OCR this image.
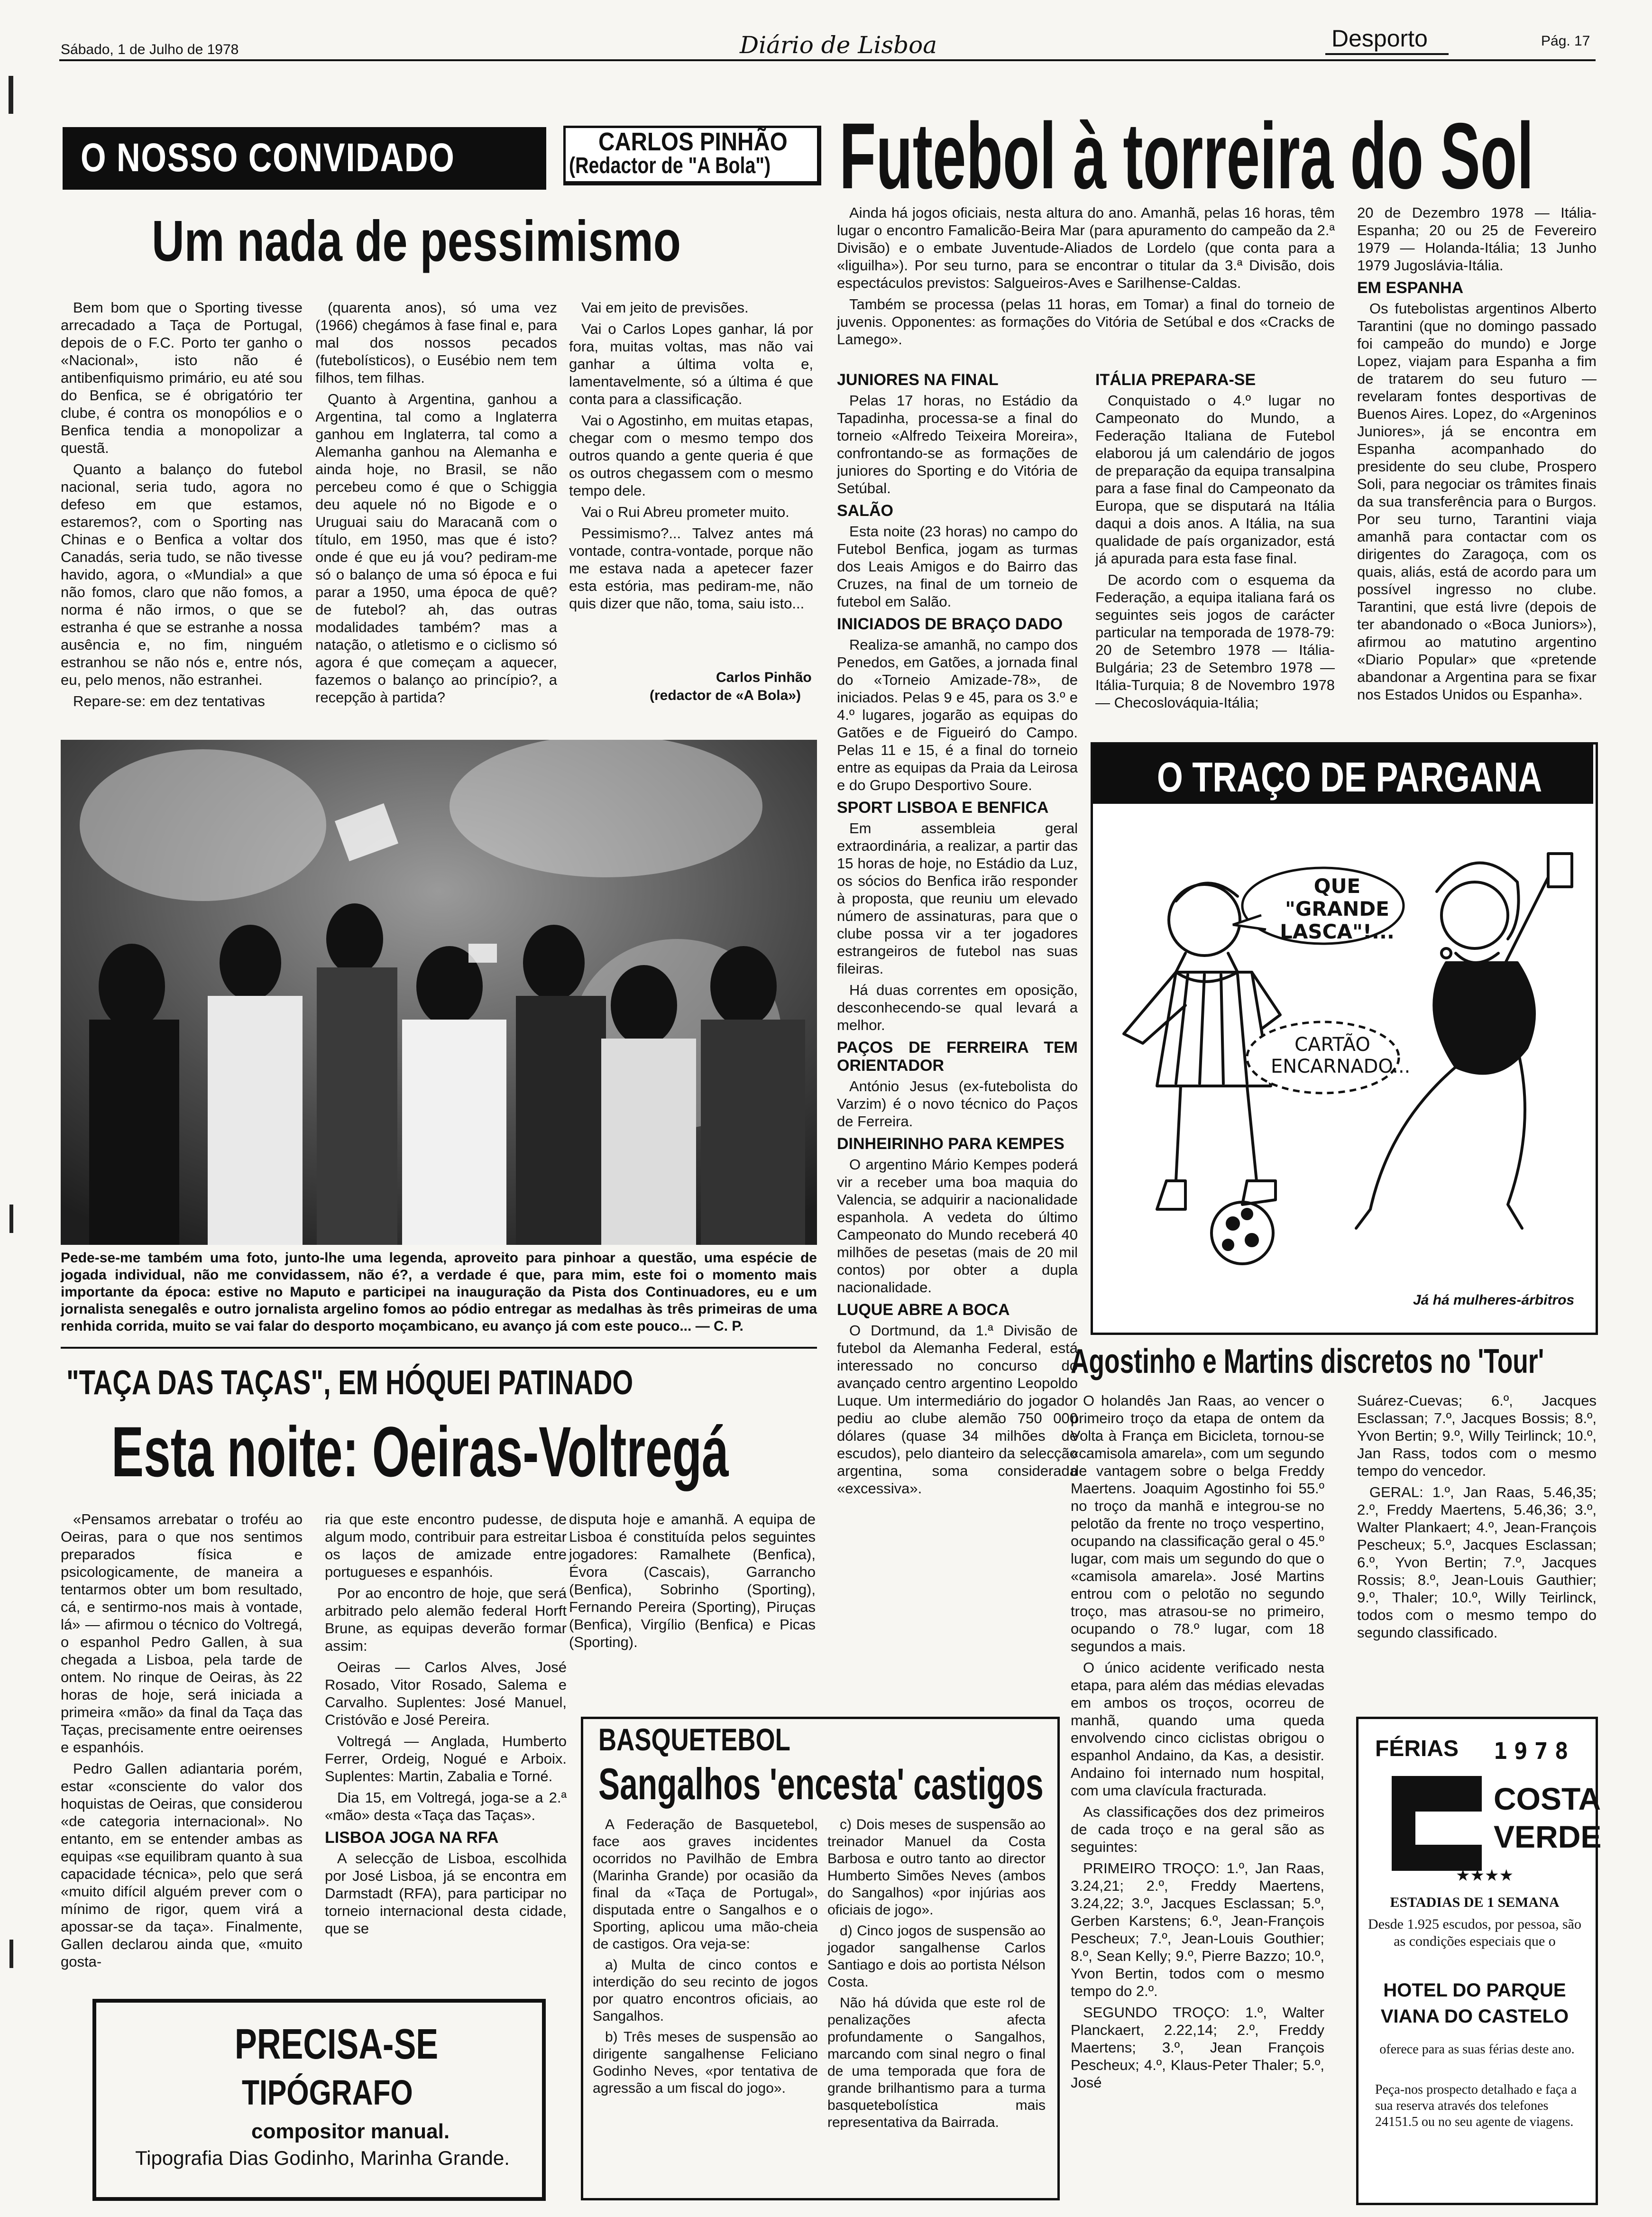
Sábado, 1 de Julho de 1978	Diário de Lisboa	Desporto	Pág. 17
O NOSSO CONVIDADO	CARLOS PINHÃO
(Redactor de "A Bola")
Um nada de pessimismo

Bem bom que o Sporting tivesse arrecadado a Taça de Portugal, depois de o F.C. Porto ter ganho o «Nacional», isto não é antibenfiquismo primário, eu até sou do Benfica, se é obrigatório ter clube, é contra os monopólios e o Benfica tendia a monopolizar a questã.

Quanto a balanço do futebol nacional, seria tudo, agora no defeso em que estamos, estaremos?, com o Sporting nas Chinas e o Benfica a voltar dos Canadás, seria tudo, se não tivesse havido, agora, o «Mundial» a que não fomos, claro que não fomos, a norma é não irmos, o que se estranha é que se estranhe a nossa ausência e, no fim, ninguém estranhou se não nós e, entre nós, eu, pelo menos, não estranhei.

Repare-se: em dez tentativas

(quarenta anos), só uma vez (1966) chegámos à fase final e, para mal dos nossos pecados (futebolísticos), o Eusébio nem tem filhos, tem filhas.

Quanto à Argentina, ganhou a Argentina, tal como a Inglaterra ganhou em Inglaterra, tal como a Alemanha ganhou na Alemanha e ainda hoje, no Brasil, se não percebeu como é que o Schiggia deu aquele nó no Bigode e o Uruguai saiu do Maracanã com o título, em 1950, mas que é isto? onde é que eu já vou? pediram-me só o balanço de uma só época e fui parar a 1950, uma época de quê? de futebol? ah, das outras modalidades também? mas a natação, o atletismo e o ciclismo só agora é que começam a aquecer, fazemos o balanço ao princípio?, a recepção à partida?

Vai em jeito de previsões.

Vai o Carlos Lopes ganhar, lá por fora, muitas voltas, mas não vai ganhar a última volta e, lamentavelmente, só a última é que conta para a classificação.

Vai o Agostinho, em muitas etapas, chegar com o mesmo tempo dos outros quando a gente queria é que os outros chegassem com o mesmo tempo dele.

Vai o Rui Abreu prometer muito.

Pessimismo?... Talvez antes má vontade, contra-vontade, porque não me estava nada a apetecer fazer esta estória, mas pediram-me, não quis dizer que não, toma, saiu isto...

Carlos Pinhão
(redactor de «A Bola»)
Pede-se-me também uma foto, junto-lhe uma legenda, aproveito para pinhoar a questão, uma espécie de jogada individual, não me convidassem, não é?, a verdade é que, para mim, este foi o momento mais importante da época: estive no Maputo e participei na inauguração da Pista dos Continuadores, eu e um jornalista senegalês e outro jornalista argelino fomos ao pódio entregar as medalhas às três primeiras de uma renhida corrida, muito se vai falar do desporto moçambicano, eu avanço já com este pouco... — C. P.
Futebol à torreira do Sol

Ainda há jogos oficiais, nesta altura do ano. Amanhã, pelas 16 horas, têm lugar o encontro Famalicão-Beira Mar (para apuramento do campeão da 2.ª Divisão) e o embate Juventude-Aliados de Lordelo (que conta para a «liguilha»). Por seu turno, para se encontrar o titular da 3.ª Divisão, dois espectáculos previstos: Salgueiros-Aves e Sarilhense-Caldas.

Também se processa (pelas 11 horas, em Tomar) a final do torneio de juvenis. Opponentes: as formações do Vitória de Setúbal e dos «Cracks de Lamego».

20 de Dezembro 1978 — Itália-Espanha; 20 ou 25 de Fevereiro 1979 — Holanda-Itália; 13 Junho 1979 Jugoslávia-Itália.

EM ESPANHA

Os futebolistas argentinos Alberto Tarantini (que no domingo passado foi campeão do mundo) e Jorge Lopez, viajam para Espanha a fim de tratarem do seu futuro — revelaram fontes desportivas de Buenos Aires. Lopez, do «Argeninos Juniores», já se encontra em Espanha acompanhado do presidente do seu clube, Prospero Soli, para negociar os trâmites finais da sua transferência para o Burgos. Por seu turno, Tarantini viaja amanhã para contactar com os dirigentes do Zaragoça, com os quais, aliás, está de acordo para um possível ingresso no clube. Tarantini, que está livre (depois de ter abandonado o «Boca Juniors»), afirmou ao matutino argentino «Diario Popular» que «pretende abandonar a Argentina para se fixar nos Estados Unidos ou Espanha».

JUNIORES NA FINAL

Pelas 17 horas, no Estádio da Tapadinha, processa-se a final do torneio «Alfredo Teixeira Moreira», confrontando-se as formações de juniores do Sporting e do Vitória de Setúbal.

SALÃO

Esta noite (23 horas) no campo do Futebol Benfica, jogam as turmas dos Leais Amigos e do Bairro das Cruzes, na final de um torneio de futebol em Salão.

INICIADOS DE BRAÇO DADO

Realiza-se amanhã, no campo dos Penedos, em Gatões, a jornada final do «Torneio Amizade-78», de iniciados. Pelas 9 e 45, para os 3.º e 4.º lugares, jogarão as equipas do Gatões e de Figueiró do Campo. Pelas 11 e 15, é a final do torneio entre as equipas da Praia da Leirosa e do Grupo Desportivo Soure.

SPORT LISBOA E BENFICA

Em assembleia geral extraordinária, a realizar, a partir das 15 horas de hoje, no Estádio da Luz, os sócios do Benfica irão responder à proposta, que reuniu um elevado número de assinaturas, para que o clube possa vir a ter jogadores estrangeiros de futebol nas suas fileiras.

Há duas correntes em oposição, desconhecendo-se qual levará a melhor.

PAÇOS DE FERREIRA TEM ORIENTADOR

António Jesus (ex-futebolista do Varzim) é o novo técnico do Paços de Ferreira.

DINHEIRINHO PARA KEMPES

O argentino Mário Kempes poderá vir a receber uma boa maquia do Valencia, se adquirir a nacionalidade espanhola. A vedeta do último Campeonato do Mundo receberá 40 milhões de pesetas (mais de 20 mil contos) por obter a dupla nacionalidade.

LUQUE ABRE A BOCA

O Dortmund, da 1.ª Divisão de futebol da Alemanha Federal, está interessado no concurso do avançado centro argentino Leopoldo Luque. Um intermediário do jogador pediu ao clube alemão 750 000 dólares (quase 34 milhões de escudos), pelo dianteiro da selecção argentina, soma considerada «excessiva».

ITÁLIA PREPARA-SE

Conquistado o 4.º lugar no Campeonato do Mundo, a Federação Italiana de Futebol elaborou já um calendário de jogos de preparação da equipa transalpina para a fase final do Campeonato da Europa, que se disputará na Itália daqui a dois anos. A Itália, na sua qualidade de país organizador, está já apurada para esta fase final.

De acordo com o esquema da Federação, a equipa italiana fará os seguintes seis jogos de carácter particular na temporada de 1978-79: 20 de Setembro 1978 — Itália-Bulgária; 23 de Setembro 1978 — Itália-Turquia; 8 de Novembro 1978 — Checoslováquia-Itália;

O TRAÇO DE PARGANA
QUE "GRANDE LASCA"!...
CARTÃO ENCARNADO...
Já há mulheres-árbitros
Agostinho e Martins discretos no 'Tour'

O holandês Jan Raas, ao vencer o primeiro troço da etapa de ontem da Volta à França em Bicicleta, tornou-se «camisola amarela», com um segundo de vantagem sobre o belga Freddy Maertens. Joaquim Agostinho foi 55.º no troço da manhã e integrou-se no pelotão da frente no troço vespertino, ocupando na classificação geral o 45.º lugar, com mais um segundo do que o «camisola amarela». José Martins entrou com o pelotão no segundo troço, mas atrasou-se no primeiro, ocupando o 78.º lugar, com 18 segundos a mais.

O único acidente verificado nesta etapa, para além das médias elevadas em ambos os troços, ocorreu de manhã, quando uma queda envolvendo cinco ciclistas obrigou o espanhol Andaino, da Kas, a desistir. Andaino foi internado num hospital, com uma clavícula fracturada.

As classificações dos dez primeiros de cada troço e na geral são as seguintes:

PRIMEIRO TROÇO: 1.º, Jan Raas, 3.24,21; 2.º, Freddy Maertens, 3.24,22; 3.º, Jacques Esclassan; 5.º, Gerben Karstens; 6.º, Jean-François Pescheux; 7.º, Jean-Louis Gouthier; 8.º, Sean Kelly; 9.º, Pierre Bazzo; 10.º, Yvon Bertin, todos com o mesmo tempo do 2.º.

SEGUNDO TROÇO: 1.º, Walter Planckaert, 2.22,14; 2.º, Freddy Maertens; 3.º, Jean François Pescheux; 4.º, Klaus-Peter Thaler; 5.º, José

Suárez-Cuevas; 6.º, Jacques Esclassan; 7.º, Jacques Bossis; 8.º, Yvon Bertin; 9.º, Willy Teirlinck; 10.º, Jan Rass, todos com o mesmo tempo do vencedor.

GERAL: 1.º, Jan Raas, 5.46,35; 2.º, Freddy Maertens, 5.46,36; 3.º, Walter Plankaert; 4.º, Jean-François Pescheux; 5.º, Jacques Esclassan; 6.º, Yvon Bertin; 7.º, Jacques Rossis; 8.º, Jean-Louis Gauthier; 9.º, Thaler; 10.º, Willy Teirlinck, todos com o mesmo tempo do segundo classificado.

FÉRIAS 1978
COSTA
VERDE
★★★★
ESTADIAS DE 1 SEMANA
Desde 1.925 escudos, por pessoa, são as condições especiais que o
HOTEL DO PARQUE
VIANA DO CASTELO
oferece para as suas férias deste ano.
Peça-nos prospecto detalhado e faça a sua reserva através dos telefones 24151.5 ou no seu agente de viagens.
"TAÇA DAS TAÇAS", EM HÓQUEI PATINADO
Esta noite: Oeiras-Voltregá

«Pensamos arrebatar o troféu ao Oeiras, para o que nos sentimos preparados física e psicologicamente, de maneira a tentarmos obter um bom resultado, cá, e sentirmo-nos mais à vontade, lá» — afirmou o técnico do Voltregá, o espanhol Pedro Gallen, à sua chegada a Lisboa, pela tarde de ontem. No rinque de Oeiras, às 22 horas de hoje, será iniciada a primeira «mão» da final da Taça das Taças, precisamente entre oeirenses e espanhóis.

Pedro Gallen adiantaria porém, estar «consciente do valor dos hoquistas de Oeiras, que considerou «de categoria internacional». No entanto, em se entender ambas as equipas «se equilibram quanto à sua capacidade técnica», pelo que será «muito difícil alguém prever com o mínimo de rigor, quem virá a apossar-se da taça». Finalmente, Gallen declarou ainda que, «muito gosta-

ria que este encontro pudesse, de algum modo, contribuir para estreitar os laços de amizade entre portugueses e espanhóis.

Por ao encontro de hoje, que será arbitrado pelo alemão federal Horft Brune, as equipas deverão formar assim:

Oeiras — Carlos Alves, José Rosado, Vitor Rosado, Salema e Carvalho. Suplentes: José Manuel, Cristóvão e José Pereira.

Voltregá — Anglada, Humberto Ferrer, Ordeig, Nogué e Arboix. Suplentes: Martin, Zabalia e Torné.

Dia 15, em Voltregá, joga-se a 2.ª «mão» desta «Taça das Taças».

LISBOA JOGA NA RFA

A selecção de Lisboa, escolhida por José Lisboa, já se encontra em Darmstadt (RFA), para participar no torneio internacional desta cidade, que se

disputa hoje e amanhã. A equipa de Lisboa é constituída pelos seguintes jogadores: Ramalhete (Benfica), Évora (Cascais), Garrancho (Benfica), Sobrinho (Sporting), Fernando Pereira (Sporting), Piruças (Benfica), Virgílio (Benfica) e Picas (Sporting).

BASQUETEBOL
Sangalhos 'encesta' castigos

A Federação de Basquetebol, face aos graves incidentes ocorridos no Pavilhão de Embra (Marinha Grande) por ocasião da final da «Taça de Portugal», disputada entre o Sangalhos e o Sporting, aplicou uma mão-cheia de castigos. Ora veja-se:

a) Multa de cinco contos e interdição do seu recinto de jogos por quatro encontros oficiais, ao Sangalhos.

b) Três meses de suspensão ao dirigente sangalhense Feliciano Godinho Neves, «por tentativa de agressão a um fiscal do jogo».

c) Dois meses de suspensão ao treinador Manuel da Costa Barbosa e outro tanto ao director Humberto Simões Neves (ambos do Sangalhos) «por injúrias aos oficiais de jogo».

d) Cinco jogos de suspensão ao jogador sangalhense Carlos Santiago e dois ao portista Nélson Costa.

Não há dúvida que este rol de penalizações afecta profundamente o Sangalhos, marcando com sinal negro o final de uma temporada que fora de grande brilhantismo para a turma basquetebolística mais representativa da Bairrada.

PRECISA-SE
TIPÓGRAFO
compositor manual.
Tipografia Dias Godinho, Marinha Grande.
